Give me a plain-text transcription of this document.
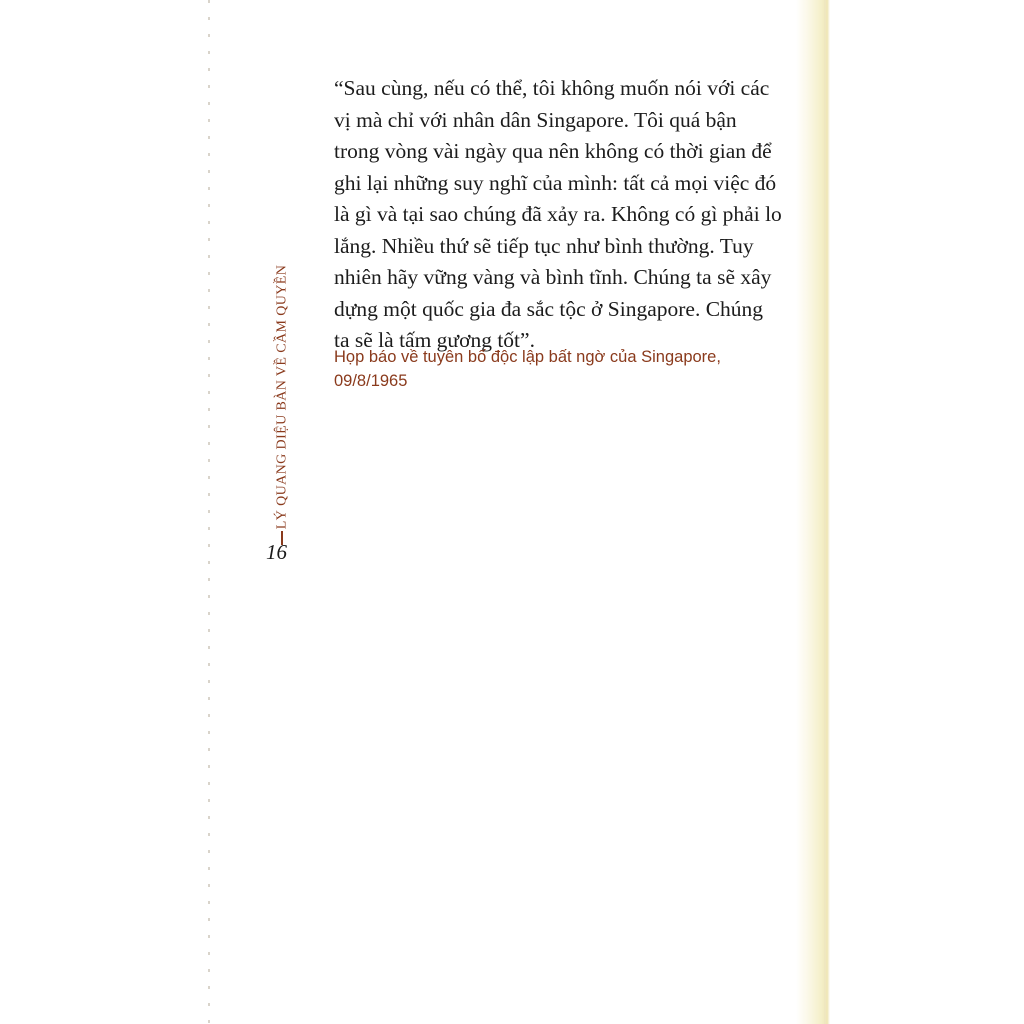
LÝ QUANG DIỆU BÀN VỀ CẦM QUYỀN
16
“Sau cùng, nếu có thể, tôi không muốn nói với các
vị mà chỉ với nhân dân Singapore. Tôi quá bận
trong vòng vài ngày qua nên không có thời gian để
ghi lại những suy nghĩ của mình: tất cả mọi việc đó
là gì và tại sao chúng đã xảy ra. Không có gì phải lo
lắng. Nhiều thứ sẽ tiếp tục như bình thường. Tuy
nhiên hãy vững vàng và bình tĩnh. Chúng ta sẽ xây
dựng một quốc gia đa sắc tộc ở Singapore. Chúng
ta sẽ là tấm gương tốt”.
Họp báo về tuyên bố độc lập bất ngờ của Singapore,
09/8/1965
